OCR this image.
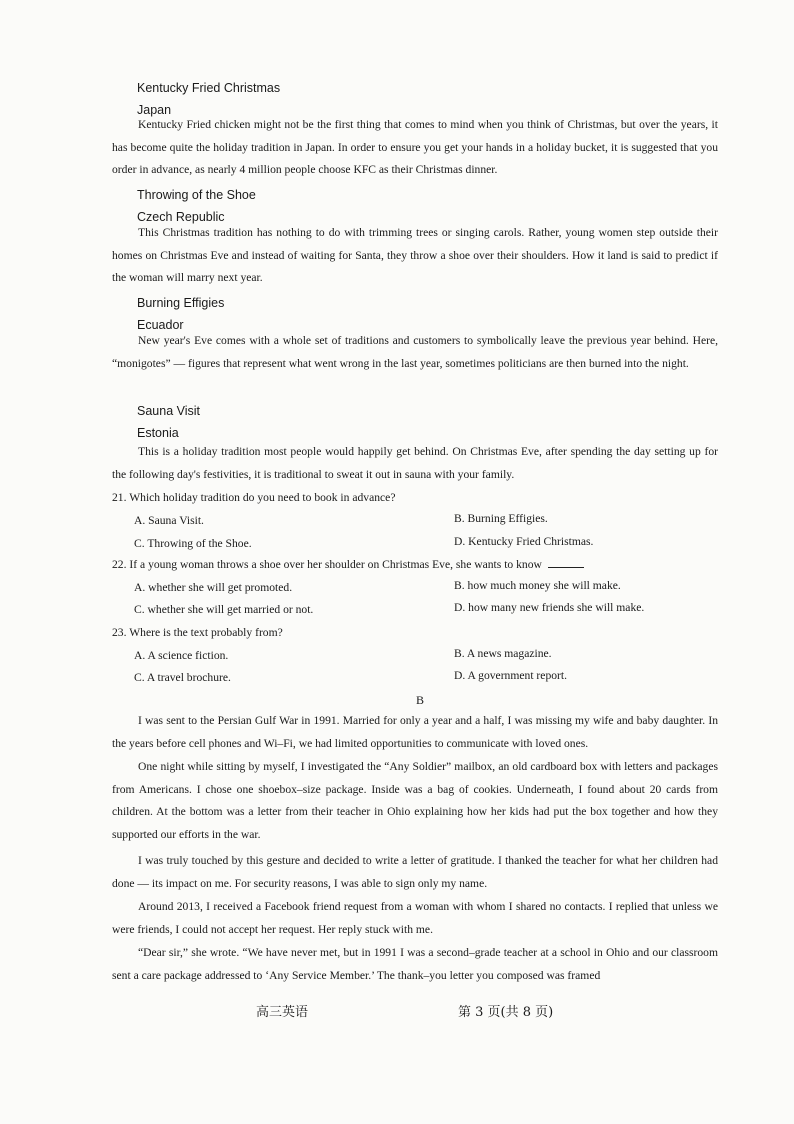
Kentucky Fried Christmas
Japan

Kentucky Fried chicken might not be the first thing that comes to mind when you think of Christmas, but over the years, it has become quite the holiday tradition in Japan. In order to ensure you get your hands in a holiday bucket, it is suggested that you order in advance, as nearly 4 million people choose KFC as their Christmas dinner.

Throwing of the Shoe
Czech Republic

This Christmas tradition has nothing to do with trimming trees or singing carols. Rather, young women step outside their homes on Christmas Eve and instead of waiting for Santa, they throw a shoe over their shoulders. How it land is said to predict if the woman will marry next year.

Burning Effigies
Ecuador

New year's Eve comes with a whole set of traditions and customers to symbolically leave the previous year behind. Here, “monigotes” — figures that represent what went wrong in the last year, sometimes politicians are then burned into the night.

Sauna Visit
Estonia

This is a holiday tradition most people would happily get behind. On Christmas Eve, after spending the day setting up for the following day's festivities, it is traditional to sweat it out in sauna with your family.

21. Which holiday tradition do you need to book in advance?
A. Sauna Visit.	B. Burning Effigies.
C. Throwing of the Shoe.	D. Kentucky Fried Christmas.
22. If a young woman throws a shoe over her shoulder on Christmas Eve, she wants to know
A. whether she will get promoted.	B. how much money she will make.
C. whether she will get married or not.	D. how many new friends she will make.
23. Where is the text probably from?
A. A science fiction.	B. A news magazine.
C. A travel brochure.	D. A government report.
B

I was sent to the Persian Gulf War in 1991. Married for only a year and a half, I was missing my wife and baby daughter. In the years before cell phones and Wi–Fi, we had limited opportunities to communicate with loved ones.

One night while sitting by myself, I investigated the “Any Soldier” mailbox, an old cardboard box with letters and packages from Americans. I chose one shoebox–size package. Inside was a bag of cookies. Underneath, I found about 20 cards from children. At the bottom was a letter from their teacher in Ohio explaining how her kids had put the box together and how they supported our efforts in the war.

I was truly touched by this gesture and decided to write a letter of gratitude. I thanked the teacher for what her children had done — its impact on me. For security reasons, I was able to sign only my name.

Around 2013, I received a Facebook friend request from a woman with whom I shared no contacts. I replied that unless we were friends, I could not accept her request. Her reply stuck with me.

“Dear sir,” she wrote. “We have never met, but in 1991 I was a second–grade teacher at a school in Ohio and our classroom sent a care package addressed to ‘Any Service Member.’ The thank–you letter you composed was framed

高三英语	第 3 页(共 8 页)
